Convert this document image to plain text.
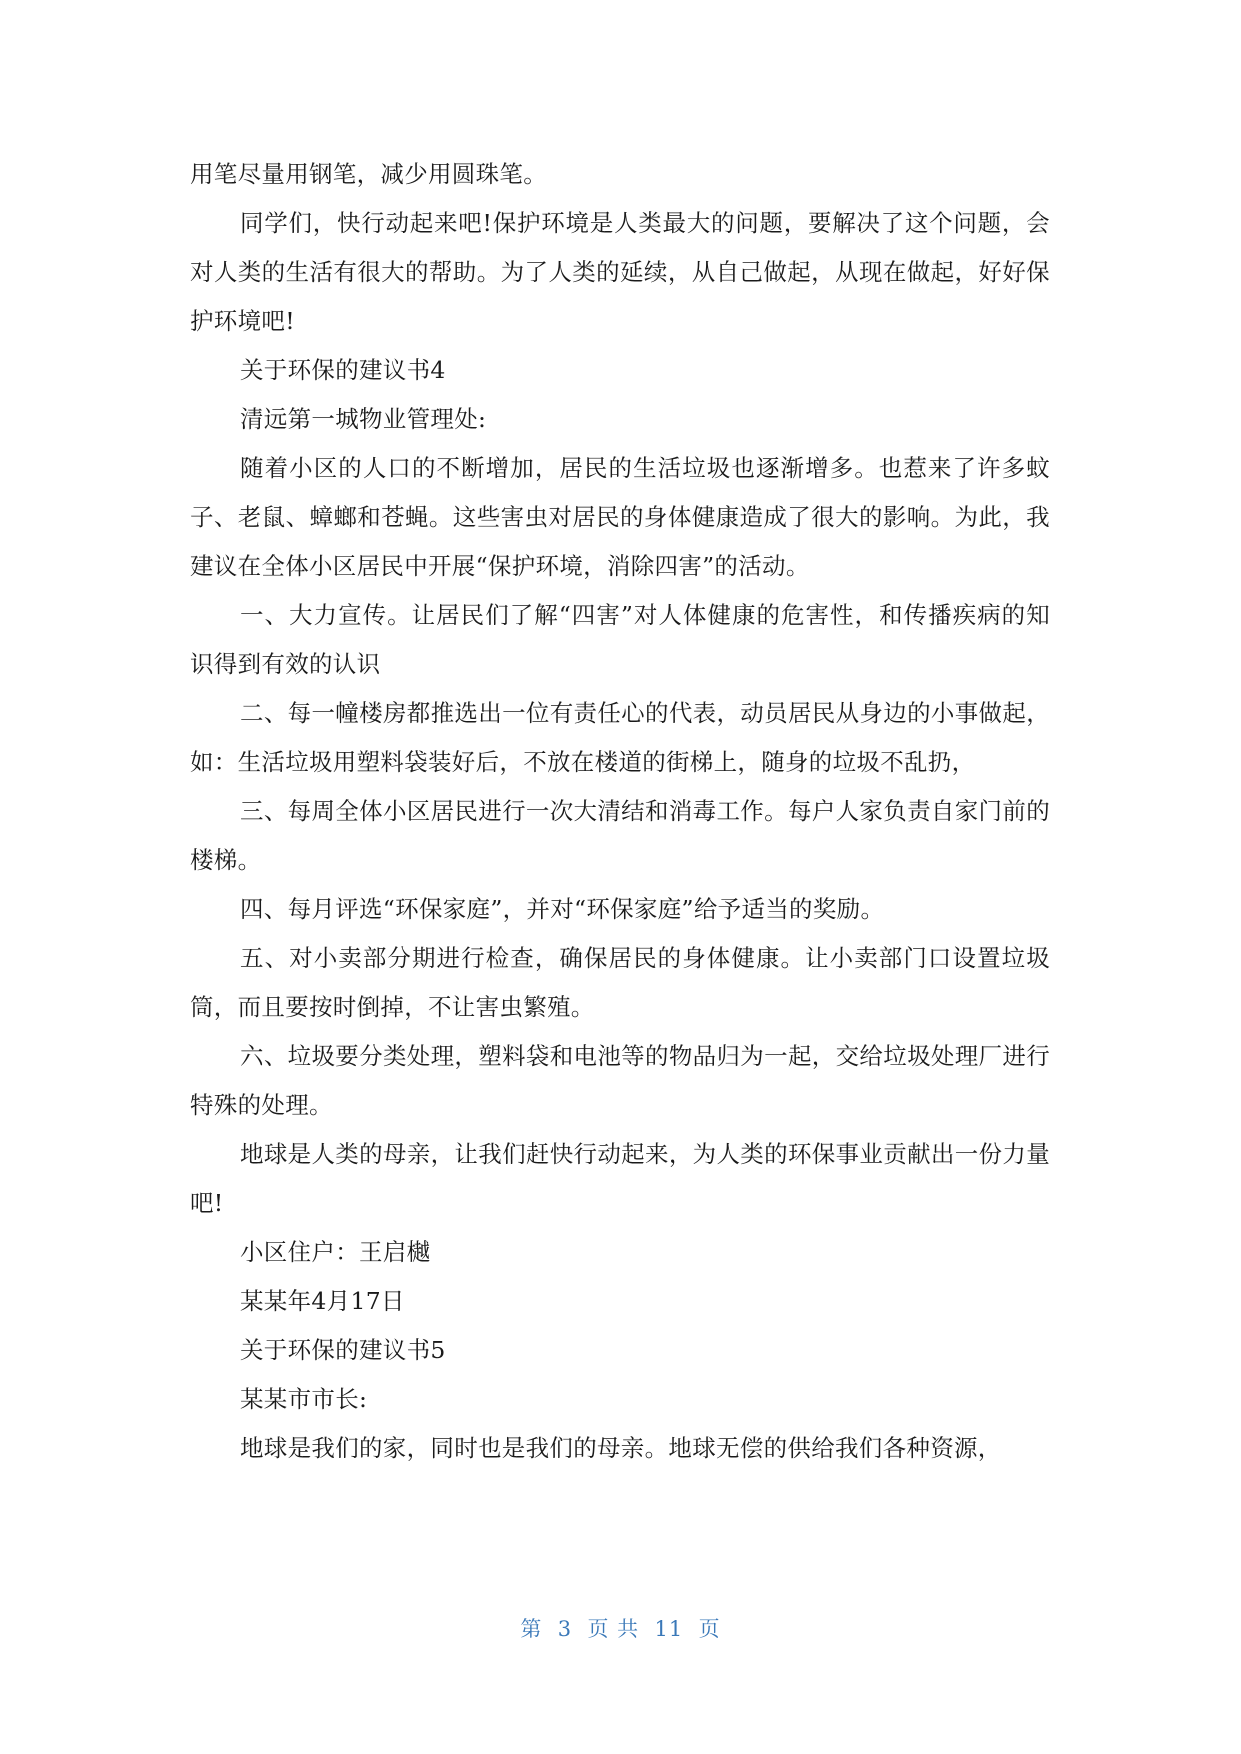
用笔尽量用钢笔，减少用圆珠笔。

同学们，快行动起来吧!保护环境是人类最大的问题，要解决了这个问题，会对人类的生活有很大的帮助。为了人类的延续，从自己做起，从现在做起，好好保护环境吧!

关于环保的建议书4

清远第一城物业管理处:

随着小区的人口的不断增加，居民的生活垃圾也逐渐增多。也惹来了许多蚊子、老鼠、蟑螂和苍蝇。这些害虫对居民的身体健康造成了很大的影响。为此，我建议在全体小区居民中开展“保护环境，消除四害”的活动。

一、大力宣传。让居民们了解“四害”对人体健康的危害性，和传播疾病的知识得到有效的认识

二、每一幢楼房都推选出一位有责任心的代表，动员居民从身边的小事做起，如：生活垃圾用塑料袋装好后，不放在楼道的街梯上，随身的垃圾不乱扔，

三、每周全体小区居民进行一次大清结和消毒工作。每户人家负责自家门前的楼梯。

四、每月评选“环保家庭”，并对“环保家庭”给予适当的奖励。

五、对小卖部分期进行检查，确保居民的身体健康。让小卖部门口设置垃圾筒，而且要按时倒掉，不让害虫繁殖。

六、垃圾要分类处理，塑料袋和电池等的物品归为一起，交给垃圾处理厂进行特殊的处理。

地球是人类的母亲，让我们赶快行动起来，为人类的环保事业贡献出一份力量吧!

小区住户：王启樾

某某年4月17日

关于环保的建议书5

某某市市长:

地球是我们的家，同时也是我们的母亲。地球无偿的供给我们各种资源，

第  3  页 共  11  页
